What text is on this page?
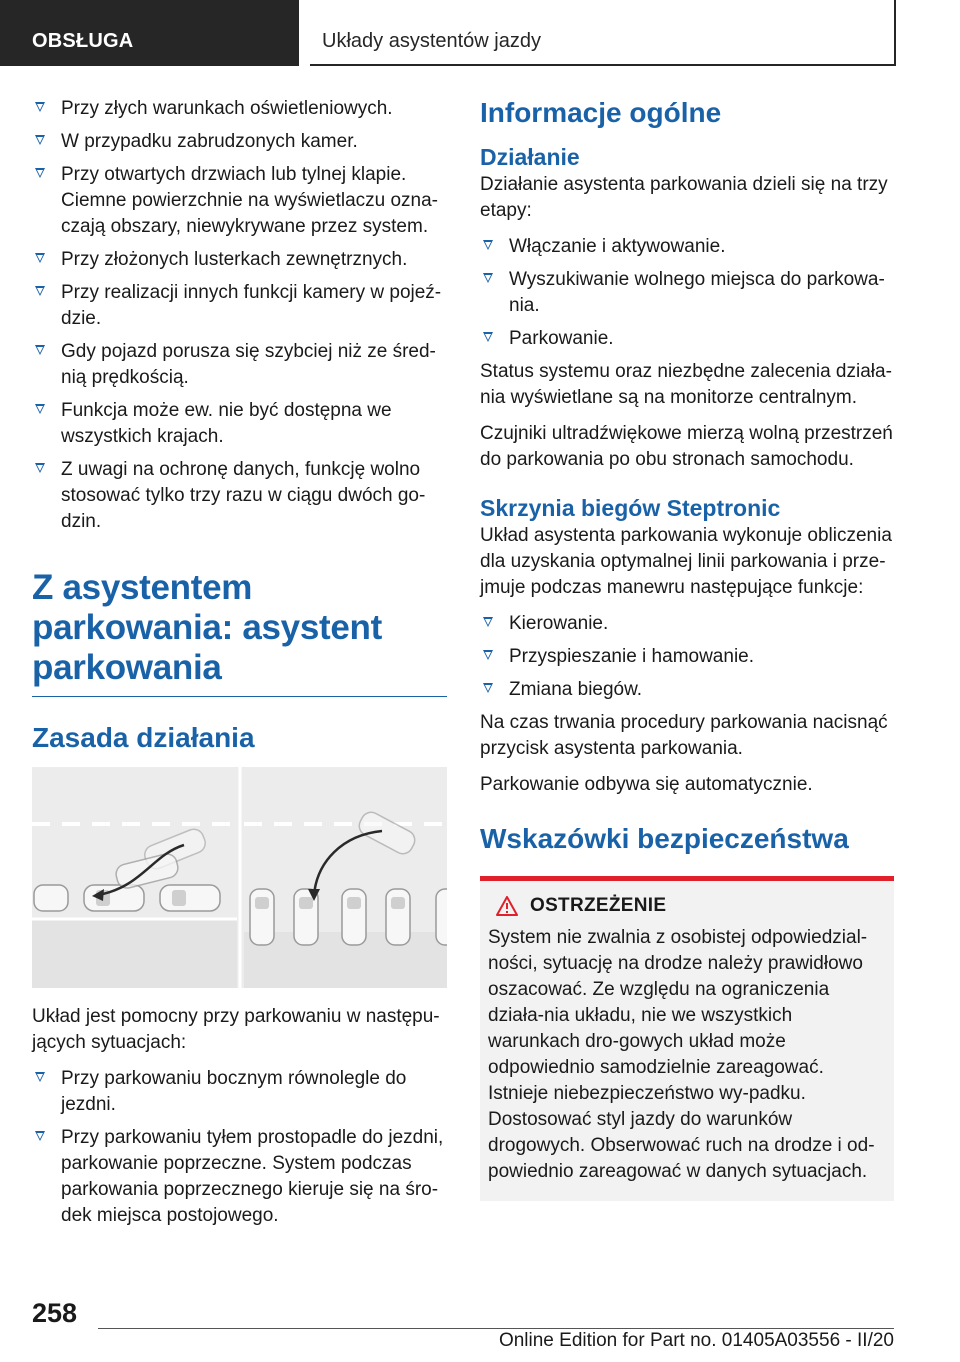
OBSŁUGA	Układy asystentów jazdy
Przy złych warunkach oświetleniowych.
W przypadku zabrudzonych kamer.
Przy otwartych drzwiach lub tylnej klapie. Ciemne powierzchnie na wyświetlaczu ozna-czają obszary, niewykrywane przez system.
Przy złożonych lusterkach zewnętrznych.
Przy realizacji innych funkcji kamery w pojeź-dzie.
Gdy pojazd porusza się szybciej niż ze śred-nią prędkością.
Funkcja może ew. nie być dostępna we wszystkich krajach.
Z uwagi na ochronę danych, funkcję wolno stosować tylko trzy razu w ciągu dwóch go-dzin.
Z asystentem parkowania: asystent parkowania
Zasada działania

Układ jest pomocny przy parkowaniu w następu-jących sytuacjach:

Przy parkowaniu bocznym równolegle do jezdni.
Przy parkowaniu tyłem prostopadle do jezdni, parkowanie poprzeczne. System podczas parkowania poprzecznego kieruje się na śro-dek miejsca postojowego.
Informacje ogólne
Działanie

Działanie asystenta parkowania dzieli się na trzy etapy:

Włączanie i aktywowanie.
Wyszukiwanie wolnego miejsca do parkowa-nia.
Parkowanie.

Status systemu oraz niezbędne zalecenia działa-nia wyświetlane są na monitorze centralnym.

Czujniki ultradźwiękowe mierzą wolną przestrzeń do parkowania po obu stronach samochodu.

Skrzynia biegów Steptronic

Układ asystenta parkowania wykonuje obliczenia dla uzyskania optymalnej linii parkowania i prze-jmuje podczas manewru następujące funkcje:

Kierowanie.
Przyspieszanie i hamowanie.
Zmiana biegów.

Na czas trwania procedury parkowania nacisnąć przycisk asystenta parkowania.

Parkowanie odbywa się automatycznie.

Wskazówki bezpieczeństwa
OSTRZEŻENIE

System nie zwalnia z osobistej odpowiedzial-ności, sytuację na drodze należy prawidłowo oszacować. Ze względu na ograniczenia działa-nia układu, nie we wszystkich warunkach dro-gowych układ może odpowiednio samodzielnie zareagować. Istnieje niebezpieczeństwo wy-padku. Dostosować styl jazdy do warunków drogowych. Obserwować ruch na drodze i od-powiednio zareagować w danych sytuacjach.

258
Online Edition for Part no. 01405A03556 - II/20
